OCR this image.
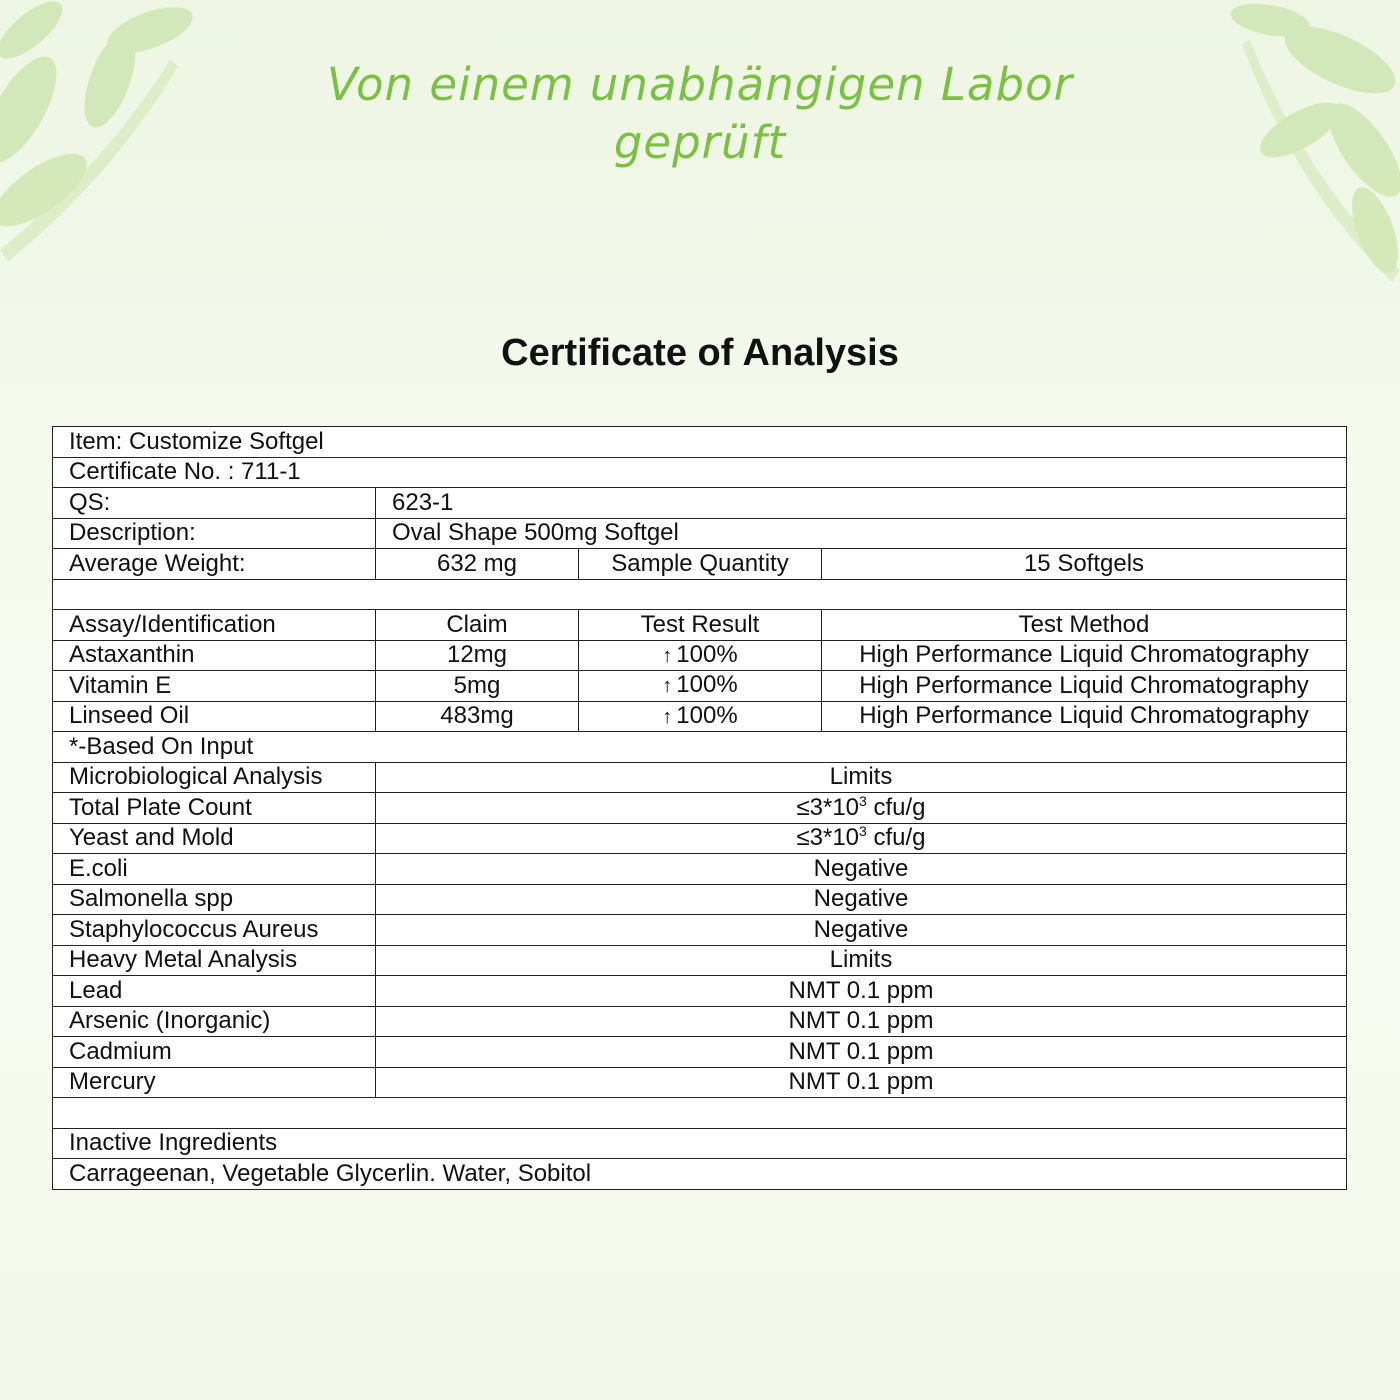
Von einem unabhängigen Labor
geprüft
Certificate of Analysis
Item: Customize Softgel			
Certificate No. : 711-1			
QS:	623-1		
Description:	Oval Shape 500mg Softgel		
Average Weight:	632 mg	Sample Quantity	15 Softgels

Assay/Identification	Claim	Test Result	Test Method
Astaxanthin	12mg	↑ 100%	High Performance Liquid Chromatography
Vitamin E	5mg	↑ 100%	High Performance Liquid Chromatography
Linseed Oil	483mg	↑ 100%	High Performance Liquid Chromatography
*-Based On Input			
Microbiological Analysis	Limits		
Total Plate Count	$\le 3*10^3$ cfu/g		
Yeast and Mold	$\le 3*10^3$ cfu/g		
E.coli	Negative		
Salmonella spp	Negative		
Staphylococcus Aureus	Negative		
Heavy Metal Analysis	Limits		
Lead	NMT 0.1 ppm		
Arsenic (Inorganic)	NMT 0.1 ppm		
Cadmium	NMT 0.1 ppm		
Mercury	NMT 0.1 ppm		

Inactive Ingredients			
Carrageenan, Vegetable Glycerlin. Water, Sobitol			
